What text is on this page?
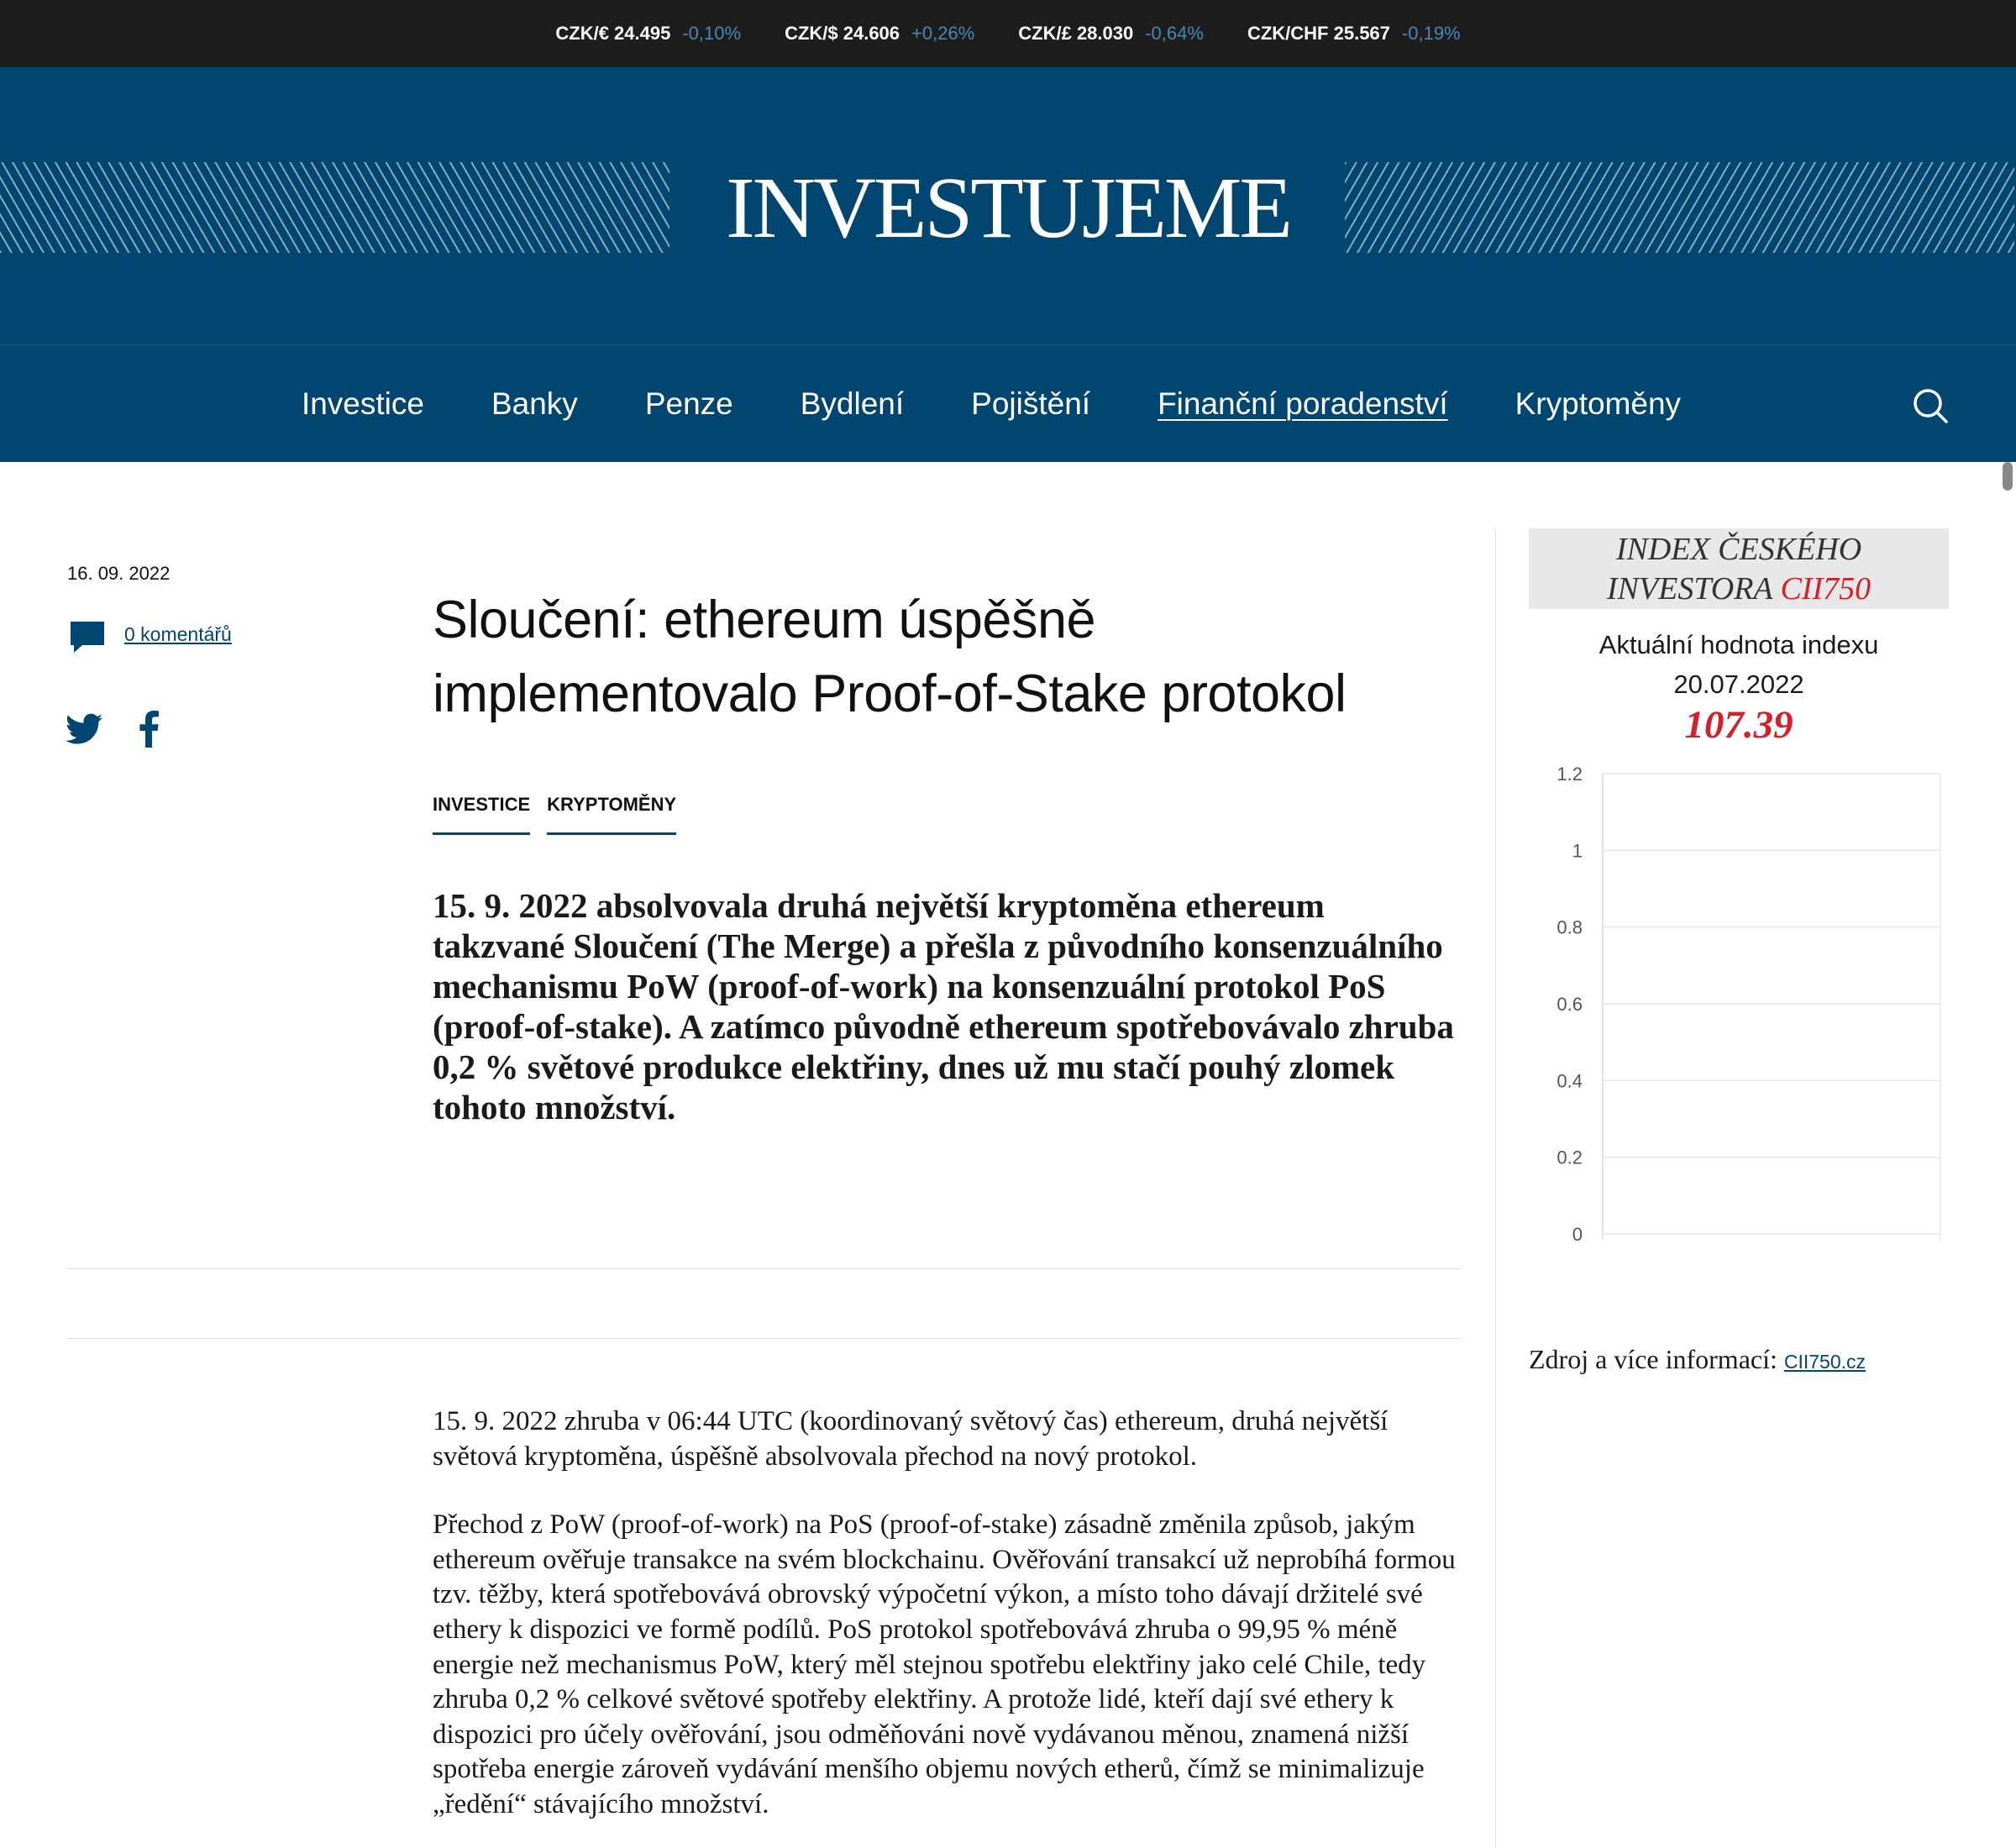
CZK/€ 24.495 -0,10% CZK/$ 24.606 +0,26% CZK/£ 28.030 -0,64% CZK/CHF 25.567 -0,19%
INVESTUJEME
Investice Banky Penze Bydlení Pojištění Finanční poradenství Kryptoměny
16. 09. 2022
0 komentářů	Sloučení: ethereum úspěšně implementovalo Proof-of-Stake protokol
INVESTICE KRYPTOMĚNY
15. 9. 2022 absolvovala druhá největší kryptoměna ethereum takzvané Sloučení (The Merge) a přešla z původního konsenzuálního mechanismu PoW (proof-of-work) na konsenzuální protokol PoS (proof-of-stake). A zatímco původně ethereum spotřebovávalo zhruba 0,2 % světové produkce elektřiny, dnes už mu stačí pouhý zlomek tohoto množství.

15. 9. 2022 zhruba v 06:44 UTC (koordinovaný světový čas) ethereum, druhá největší světová kryptoměna, úspěšně absolvovala přechod na nový protokol.

Přechod z PoW (proof-of-work) na PoS (proof-of-stake) zásadně změnila způsob, jakým ethereum ověřuje transakce na svém blockchainu. Ověřování transakcí už neprobíhá formou tzv. těžby, která spotřebovává obrovský výpočetní výkon, a místo toho dávají držitelé své ethery k dispozici ve formě podílů. PoS protokol spotřebovává zhruba o 99,95 % méně energie než mechanismus PoW, který měl stejnou spotřebu elektřiny jako celé Chile, tedy zhruba 0,2 % celkové světové spotřeby elektřiny. A protože lidé, kteří dají své ethery k dispozici pro účely ověřování, jsou odměňováni nově vydávanou měnou, znamená nižší spotřeba energie zároveň vydávání menšího objemu nových etherů, čímž se minimalizuje „ředění“ stávajícího množství.

INDEX ČESKÉHO
INVESTORA CII750
Aktuální hodnota indexu
20.07.2022
107.39
1.2
1
0.8
0.6
0.4
0.2
0
Zdroj a více informací: CII750.cz
